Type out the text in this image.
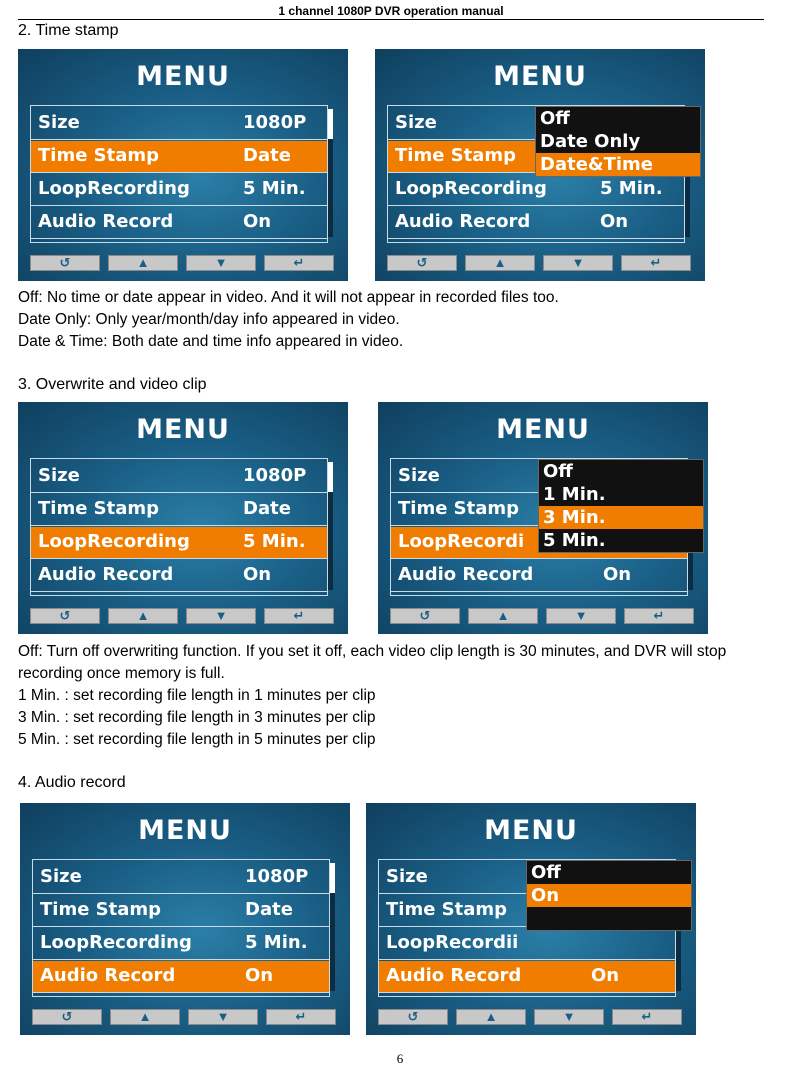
1 channel 1080P DVR operation manual
2. Time stamp
MENU
Size	1080P
Time Stamp	Date
LoopRecording	5 Min.
Audio Record	On
↺	▲	▼	↵
MENU
Size
Time Stamp
LoopRecording	5 Min.
Audio Record	On
Off
Date Only
Date&Time
↺	▲	▼	↵
Off: No time or date appear in video. And it will not appear in recorded files too.
Date Only: Only year/month/day info appeared in video.
Date & Time: Both date and time info appeared in video.
3. Overwrite and video clip
MENU
Size	1080P
Time Stamp	Date
LoopRecording	5 Min.
Audio Record	On
↺	▲	▼	↵
MENU
Size
Time Stamp
LoopRecordi
Audio Record	On
Off
1 Min.
3 Min.
5 Min.
↺	▲	▼	↵
Off: Turn off overwriting function. If you set it off, each video clip length is 30 minutes, and DVR will stop recording once memory is full.
1 Min. : set recording file length in 1 minutes per clip
3 Min. : set recording file length in 3 minutes per clip
5 Min. : set recording file length in 5 minutes per clip
4. Audio record
MENU
Size	1080P
Time Stamp	Date
LoopRecording	5 Min.
Audio Record	On
↺	▲	▼	↵
MENU
Size
Time Stamp
LoopRecordii
Audio Record	On
Off
On
↺	▲	▼	↵
6
